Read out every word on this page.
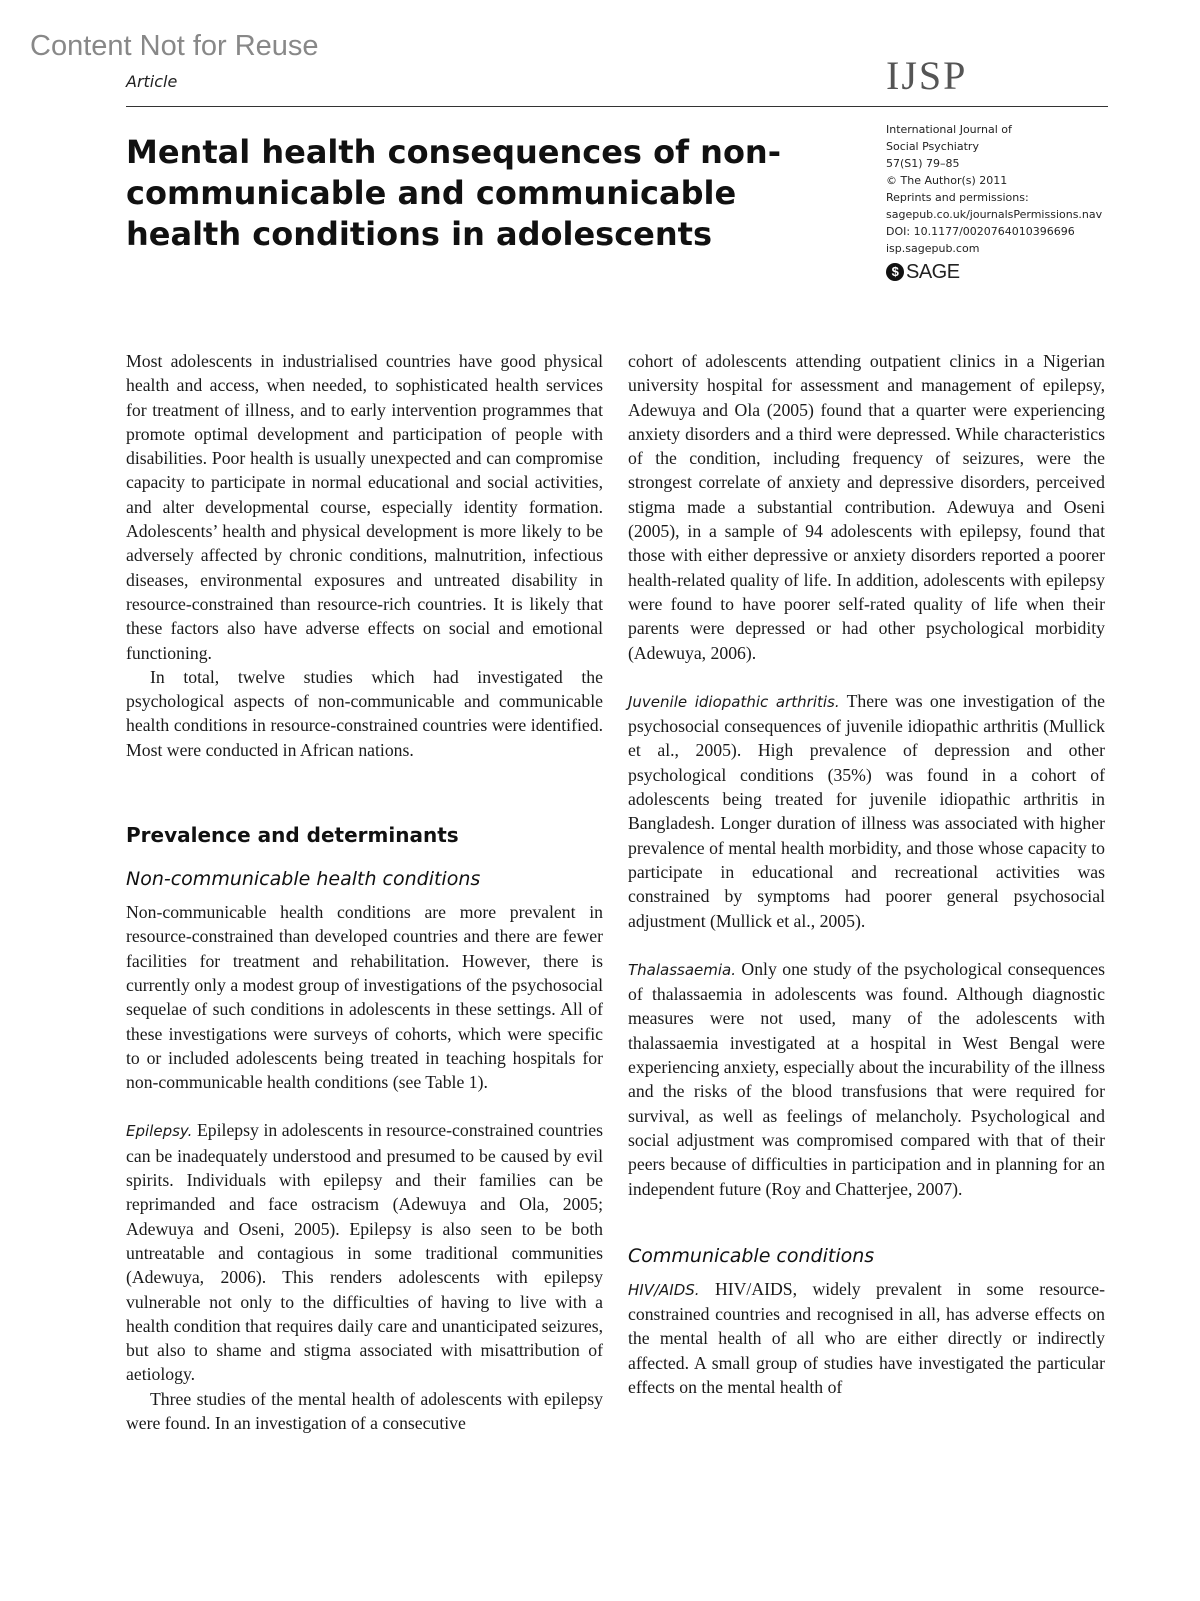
Content Not for Reuse
Article	IJSP
Mental health consequences of non-communicable and communicable health conditions in adolescents
International Journal of
Social Psychiatry
57(S1) 79–85
© The Author(s) 2011
Reprints and permissions:
sagepub.co.uk/journalsPermissions.nav
DOI: 10.1177/0020764010396696
isp.sagepub.com
$ SAGE

Most adolescents in industrialised countries have good physical health and access, when needed, to sophisticated health services for treatment of illness, and to early intervention programmes that promote optimal development and participation of people with disabilities. Poor health is usually unexpected and can compromise capacity to participate in normal educational and social activities, and alter developmental course, especially identity formation. Adolescents’ health and physical development is more likely to be adversely affected by chronic conditions, malnutrition, infectious diseases, environmental exposures and untreated disability in resource-constrained than resource-rich countries. It is likely that these factors also have adverse effects on social and emotional functioning.

In total, twelve studies which had investigated the psychological aspects of non-communicable and communicable health conditions in resource-constrained countries were identified. Most were conducted in African nations.

Prevalence and determinants
Non-communicable health conditions

Non-communicable health conditions are more prevalent in resource-constrained than developed countries and there are fewer facilities for treatment and rehabilitation. However, there is currently only a modest group of investigations of the psychosocial sequelae of such conditions in adolescents in these settings. All of these investigations were surveys of cohorts, which were specific to or included adolescents being treated in teaching hospitals for non-communicable health conditions (see Table 1).

Epilepsy. Epilepsy in adolescents in resource-constrained countries can be inadequately understood and presumed to be caused by evil spirits. Individuals with epilepsy and their families can be reprimanded and face ostracism (Adewuya and Ola, 2005; Adewuya and Oseni, 2005). Epilepsy is also seen to be both untreatable and contagious in some traditional communities (Adewuya, 2006). This renders adolescents with epilepsy vulnerable not only to the difficulties of having to live with a health condition that requires daily care and unanticipated seizures, but also to shame and stigma associated with misattribution of aetiology.

Three studies of the mental health of adolescents with epilepsy were found. In an investigation of a consecutive

cohort of adolescents attending outpatient clinics in a Nigerian university hospital for assessment and management of epilepsy, Adewuya and Ola (2005) found that a quarter were experiencing anxiety disorders and a third were depressed. While characteristics of the condition, including frequency of seizures, were the strongest correlate of anxiety and depressive disorders, perceived stigma made a substantial contribution. Adewuya and Oseni (2005), in a sample of 94 adolescents with epilepsy, found that those with either depressive or anxiety disorders reported a poorer health-related quality of life. In addition, adolescents with epilepsy were found to have poorer self-rated quality of life when their parents were depressed or had other psychological morbidity (Adewuya, 2006).

Juvenile idiopathic arthritis. There was one investigation of the psychosocial consequences of juvenile idiopathic arthritis (Mullick et al., 2005). High prevalence of depression and other psychological conditions (35%) was found in a cohort of adolescents being treated for juvenile idiopathic arthritis in Bangladesh. Longer duration of illness was associated with higher prevalence of mental health morbidity, and those whose capacity to participate in educational and recreational activities was constrained by symptoms had poorer general psychosocial adjustment (Mullick et al., 2005).

Thalassaemia. Only one study of the psychological consequences of thalassaemia in adolescents was found. Although diagnostic measures were not used, many of the adolescents with thalassaemia investigated at a hospital in West Bengal were experiencing anxiety, especially about the incurability of the illness and the risks of the blood transfusions that were required for survival, as well as feelings of melancholy. Psychological and social adjustment was compromised compared with that of their peers because of difficulties in participation and in planning for an independent future (Roy and Chatterjee, 2007).

Communicable conditions

HIV/AIDS. HIV/AIDS, widely prevalent in some resource-constrained countries and recognised in all, has adverse effects on the mental health of all who are either directly or indirectly affected. A small group of studies have investigated the particular effects on the mental health of
